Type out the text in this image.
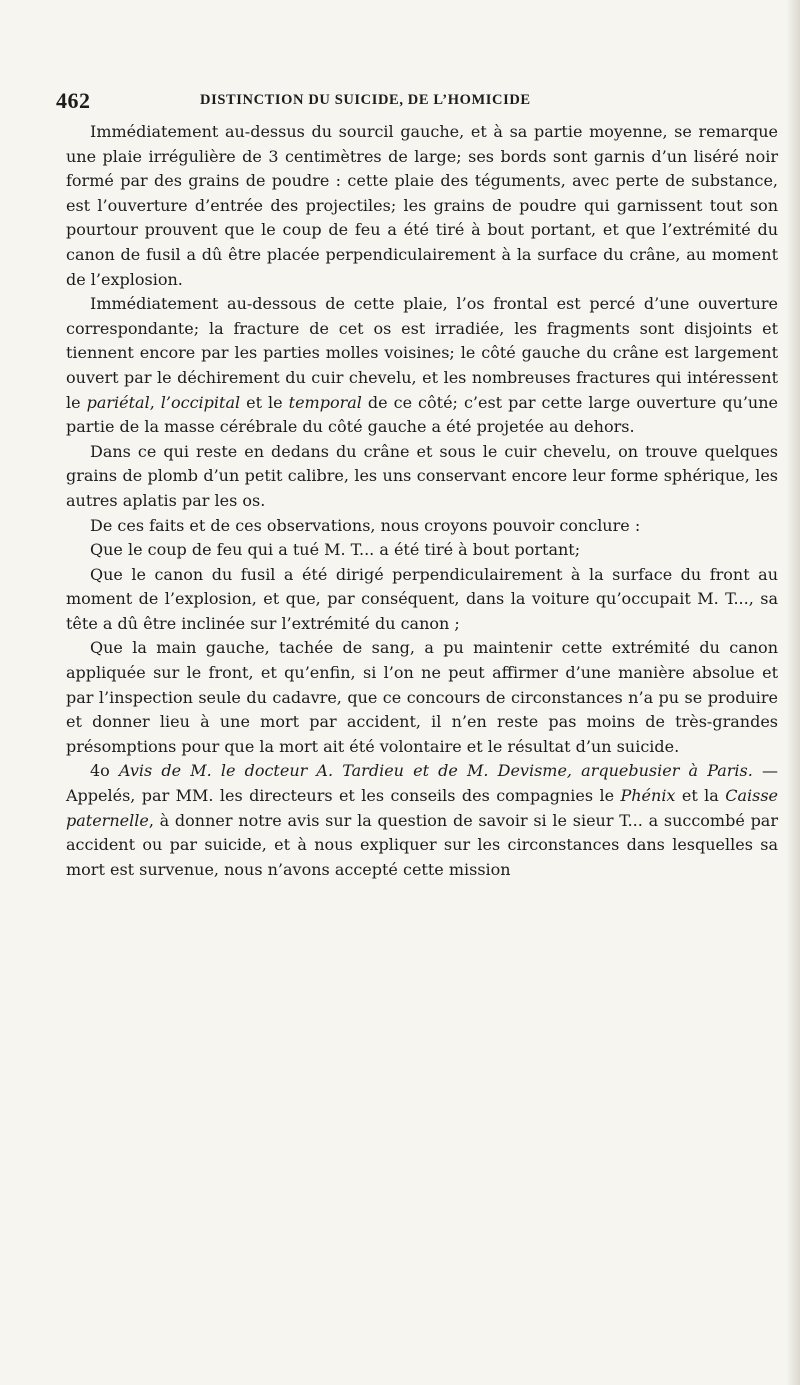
462	DISTINCTION DU SUICIDE, DE L’HOMICIDE

Immédiatement au-dessus du sourcil gauche, et à sa partie moyenne, se remarque une plaie irrégulière de 3 centimètres de large; ses bords sont garnis d’un liséré noir formé par des grains de poudre : cette plaie des téguments, avec perte de substance, est l’ouverture d’entrée des projectiles; les grains de poudre qui garnissent tout son pourtour prouvent que le coup de feu a été tiré à bout portant, et que l’extrémité du canon de fusil a dû être placée perpendiculairement à la surface du crâne, au moment de l’explosion.

Immédiatement au-dessous de cette plaie, l’os frontal est percé d’une ouverture correspondante; la fracture de cet os est irradiée, les fragments sont disjoints et tiennent encore par les parties molles voisines; le côté gauche du crâne est largement ouvert par le déchirement du cuir chevelu, et les nombreuses fractures qui intéressent le pariétal, l’occipital et le temporal de ce côté; c’est par cette large ouverture qu’une partie de la masse cérébrale du côté gauche a été projetée au dehors.

Dans ce qui reste en dedans du crâne et sous le cuir chevelu, on trouve quelques grains de plomb d’un petit calibre, les uns conservant encore leur forme sphérique, les autres aplatis par les os.

De ces faits et de ces observations, nous croyons pouvoir conclure :

Que le coup de feu qui a tué M. T... a été tiré à bout portant;

Que le canon du fusil a été dirigé perpendiculairement à la surface du front au moment de l’explosion, et que, par conséquent, dans la voiture qu’occupait M. T..., sa tête a dû être inclinée sur l’extrémité du canon ;

Que la main gauche, tachée de sang, a pu maintenir cette extrémité du canon appliquée sur le front, et qu’enfin, si l’on ne peut affirmer d’une manière absolue et par l’inspection seule du cadavre, que ce concours de circonstances n’a pu se produire et donner lieu à une mort par accident, il n’en reste pas moins de très-grandes présomptions pour que la mort ait été volontaire et le résultat d’un suicide.

4o Avis de M. le docteur A. Tardieu et de M. Devisme, arquebusier à Paris. — Appelés, par MM. les directeurs et les conseils des compagnies le Phénix et la Caisse paternelle, à donner notre avis sur la question de savoir si le sieur T... a succombé par accident ou par suicide, et à nous expliquer sur les circonstances dans lesquelles sa mort est survenue, nous n’avons accepté cette mission
